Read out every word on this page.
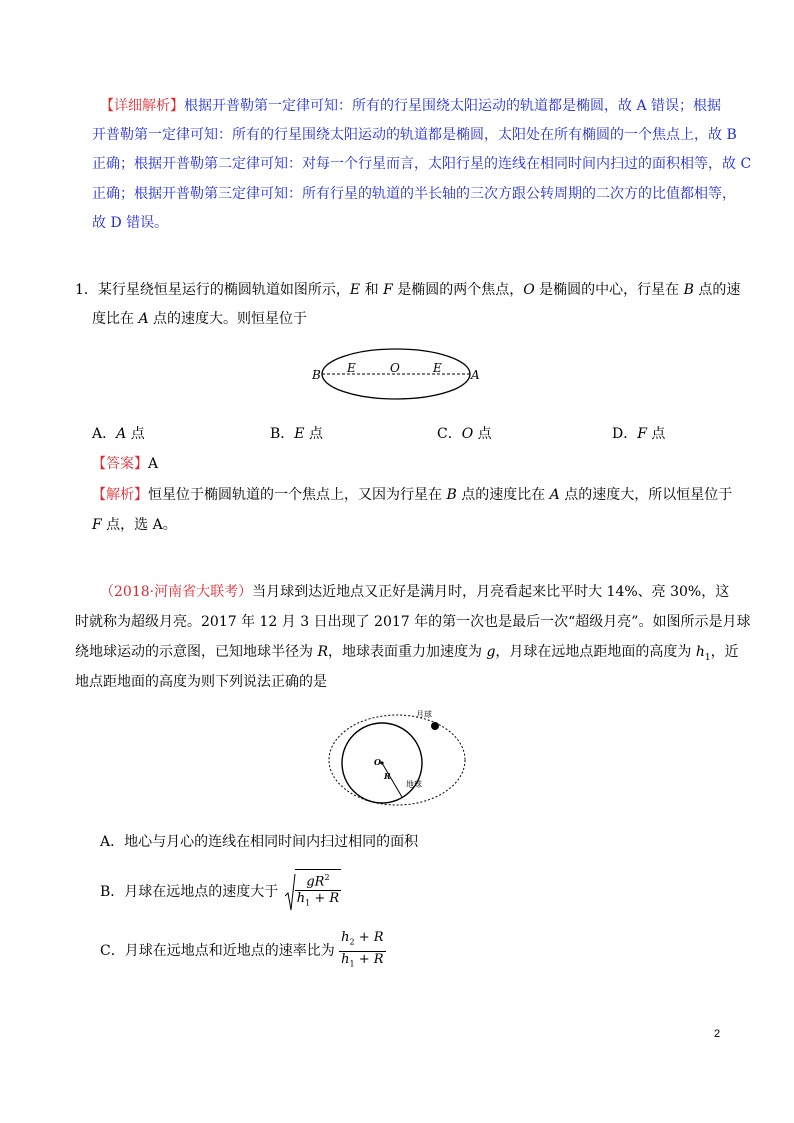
【详细解析】根据开普勒第一定律可知：所有的行星围绕太阳运动的轨道都是椭圆，故 A 错误；根据
开普勒第一定律可知：所有的行星围绕太阳运动的轨道都是椭圆，太阳处在所有椭圆的一个焦点上，故 B
正确；根据开普勒第二定律可知：对每一个行星而言，太阳行星的连线在相同时间内扫过的面积相等，故 C
正确；根据开普勒第三定律可知：所有行星的轨道的半长轴的三次方跟公转周期的二次方的比值都相等，
故 D 错误。
1．某行星绕恒星运行的椭圆轨道如图所示，E 和 F 是椭圆的两个焦点，O 是椭圆的中心，行星在 B 点的速
度比在 A 点的速度大。则恒星位于
B E	O	E A
A．A 点	B．E 点	C．O 点	D．F 点
【答案】A
【解析】恒星位于椭圆轨道的一个焦点上，又因为行星在 B 点的速度比在 A 点的速度大，所以恒星位于
F 点，选 A。
（2018·河南省大联考）当月球到达近地点又正好是满月时，月亮看起来比平时大 14%、亮 30%，这
时就称为超级月亮。2017 年 12 月 3 日出现了 2017 年的第一次也是最后一次“超级月亮”。如图所示是月球
绕地球运动的示意图，已知地球半径为 R，地球表面重力加速度为 g，月球在远地点距地面的高度为 $h_1$，近
地点距地面的高度为则下列说法正确的是
月球
O
R
地球
A．地心与月心的连线在相同时间内扫过相同的面积
B．月球在远地点的速度大于 $\frac{gR^2}{h_1 + R}$
C．月球在远地点和近地点的速率比为 $\frac{h_2 + R}{h_1 + R}$
2
